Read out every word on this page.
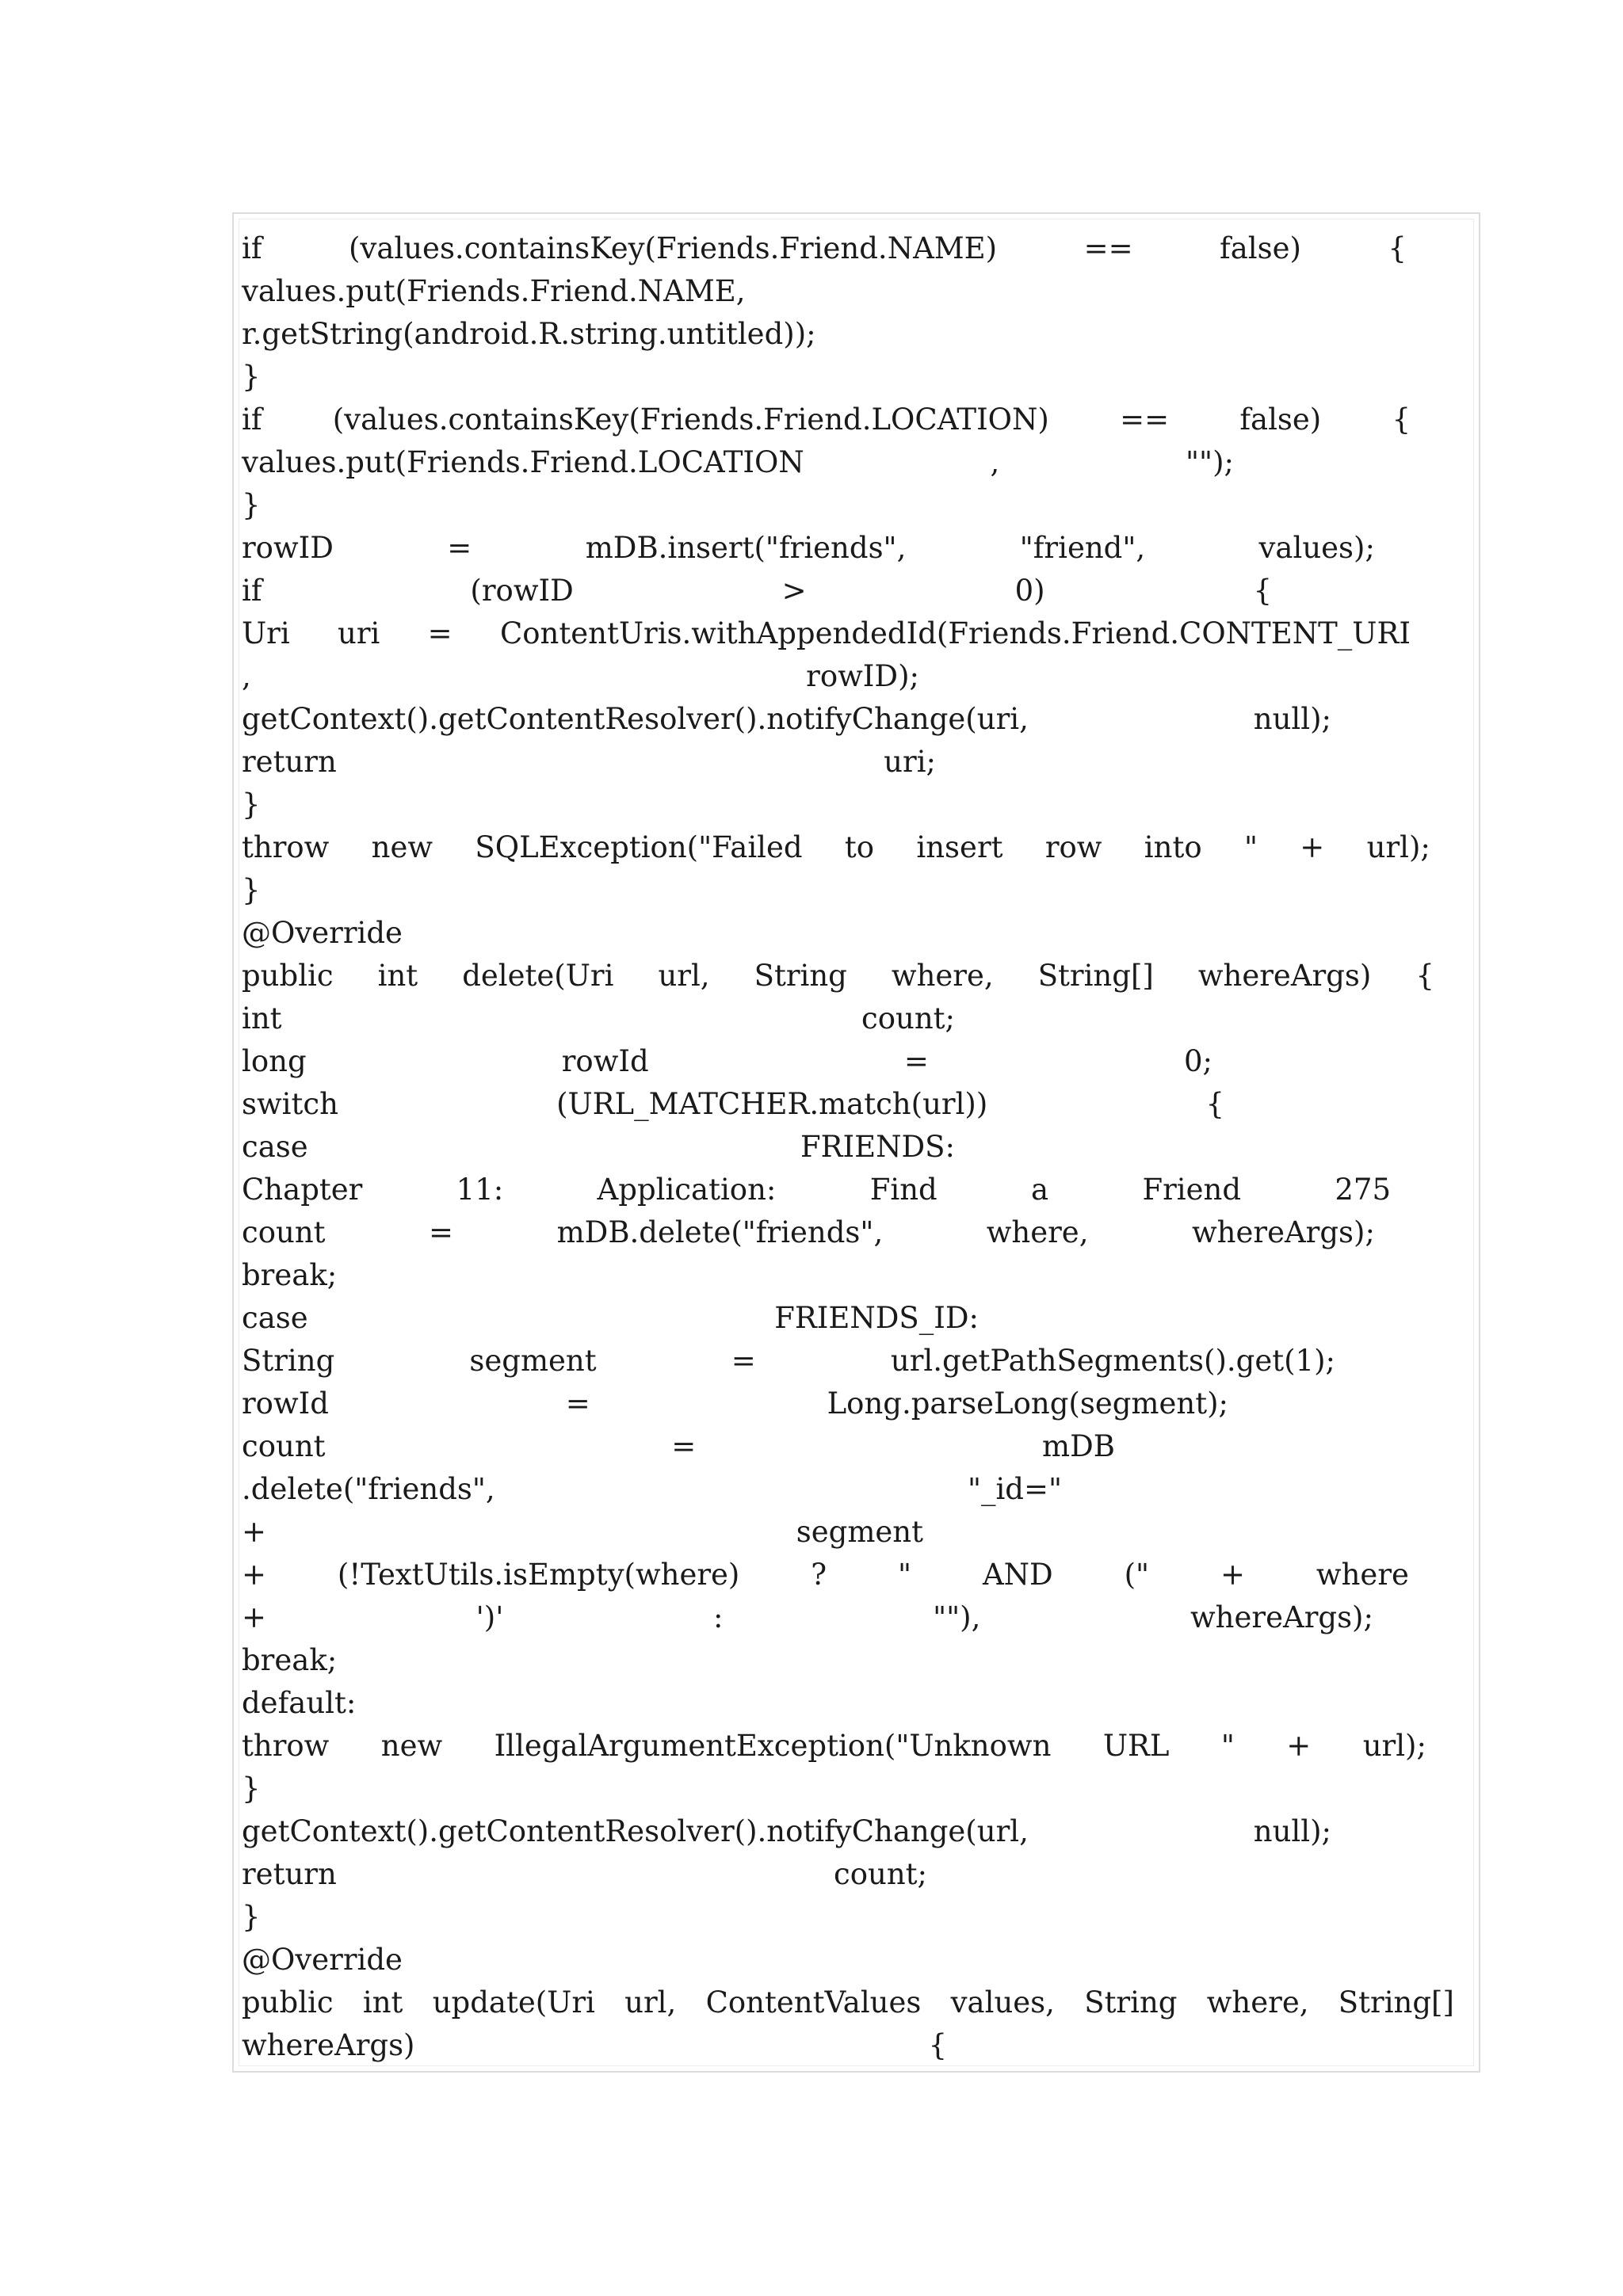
if	(values.containsKey(Friends.Friend.NAME)	==	false)	{
values.put(Friends.Friend.NAME,
r.getString(android.R.string.untitled));
}
if (values.containsKey(Friends.Friend.LOCATION) == false) {
values.put(Friends.Friend.LOCATION	,	"");
}
rowID	=	mDB.insert("friends",	"friend",	values);
if	(rowID	>	0)	{
Uri uri = ContentUris.withAppendedId(Friends.Friend.CONTENT_URI
,	rowID);
getContext().getContentResolver().notifyChange(uri,	null);
return	uri;
}
throw new SQLException("Failed to insert row into " + url);
}
@Override
public int delete(Uri url, String where, String[] whereArgs) {
int	count;
long	rowId	=	0;
switch	(URL_MATCHER.match(url))	{
case	FRIENDS:
Chapter	11:	Application:	Find	a	Friend	275
count	=	mDB.delete("friends",	where,	whereArgs);
break;
case	FRIENDS_ID:
String	segment	=	url.getPathSegments().get(1);
rowId	=	Long.parseLong(segment);
count	=	mDB
.delete("friends",	"_id="
+	segment
+ (!TextUtils.isEmpty(where) ? " AND (" + where
+	')'	:	""),	whereArgs);
break;
default:
throw new IllegalArgumentException("Unknown URL " + url);
}
getContext().getContentResolver().notifyChange(url,	null);
return	count;
}
@Override
public int update(Uri url, ContentValues values, String where, String[]
whereArgs)	{
